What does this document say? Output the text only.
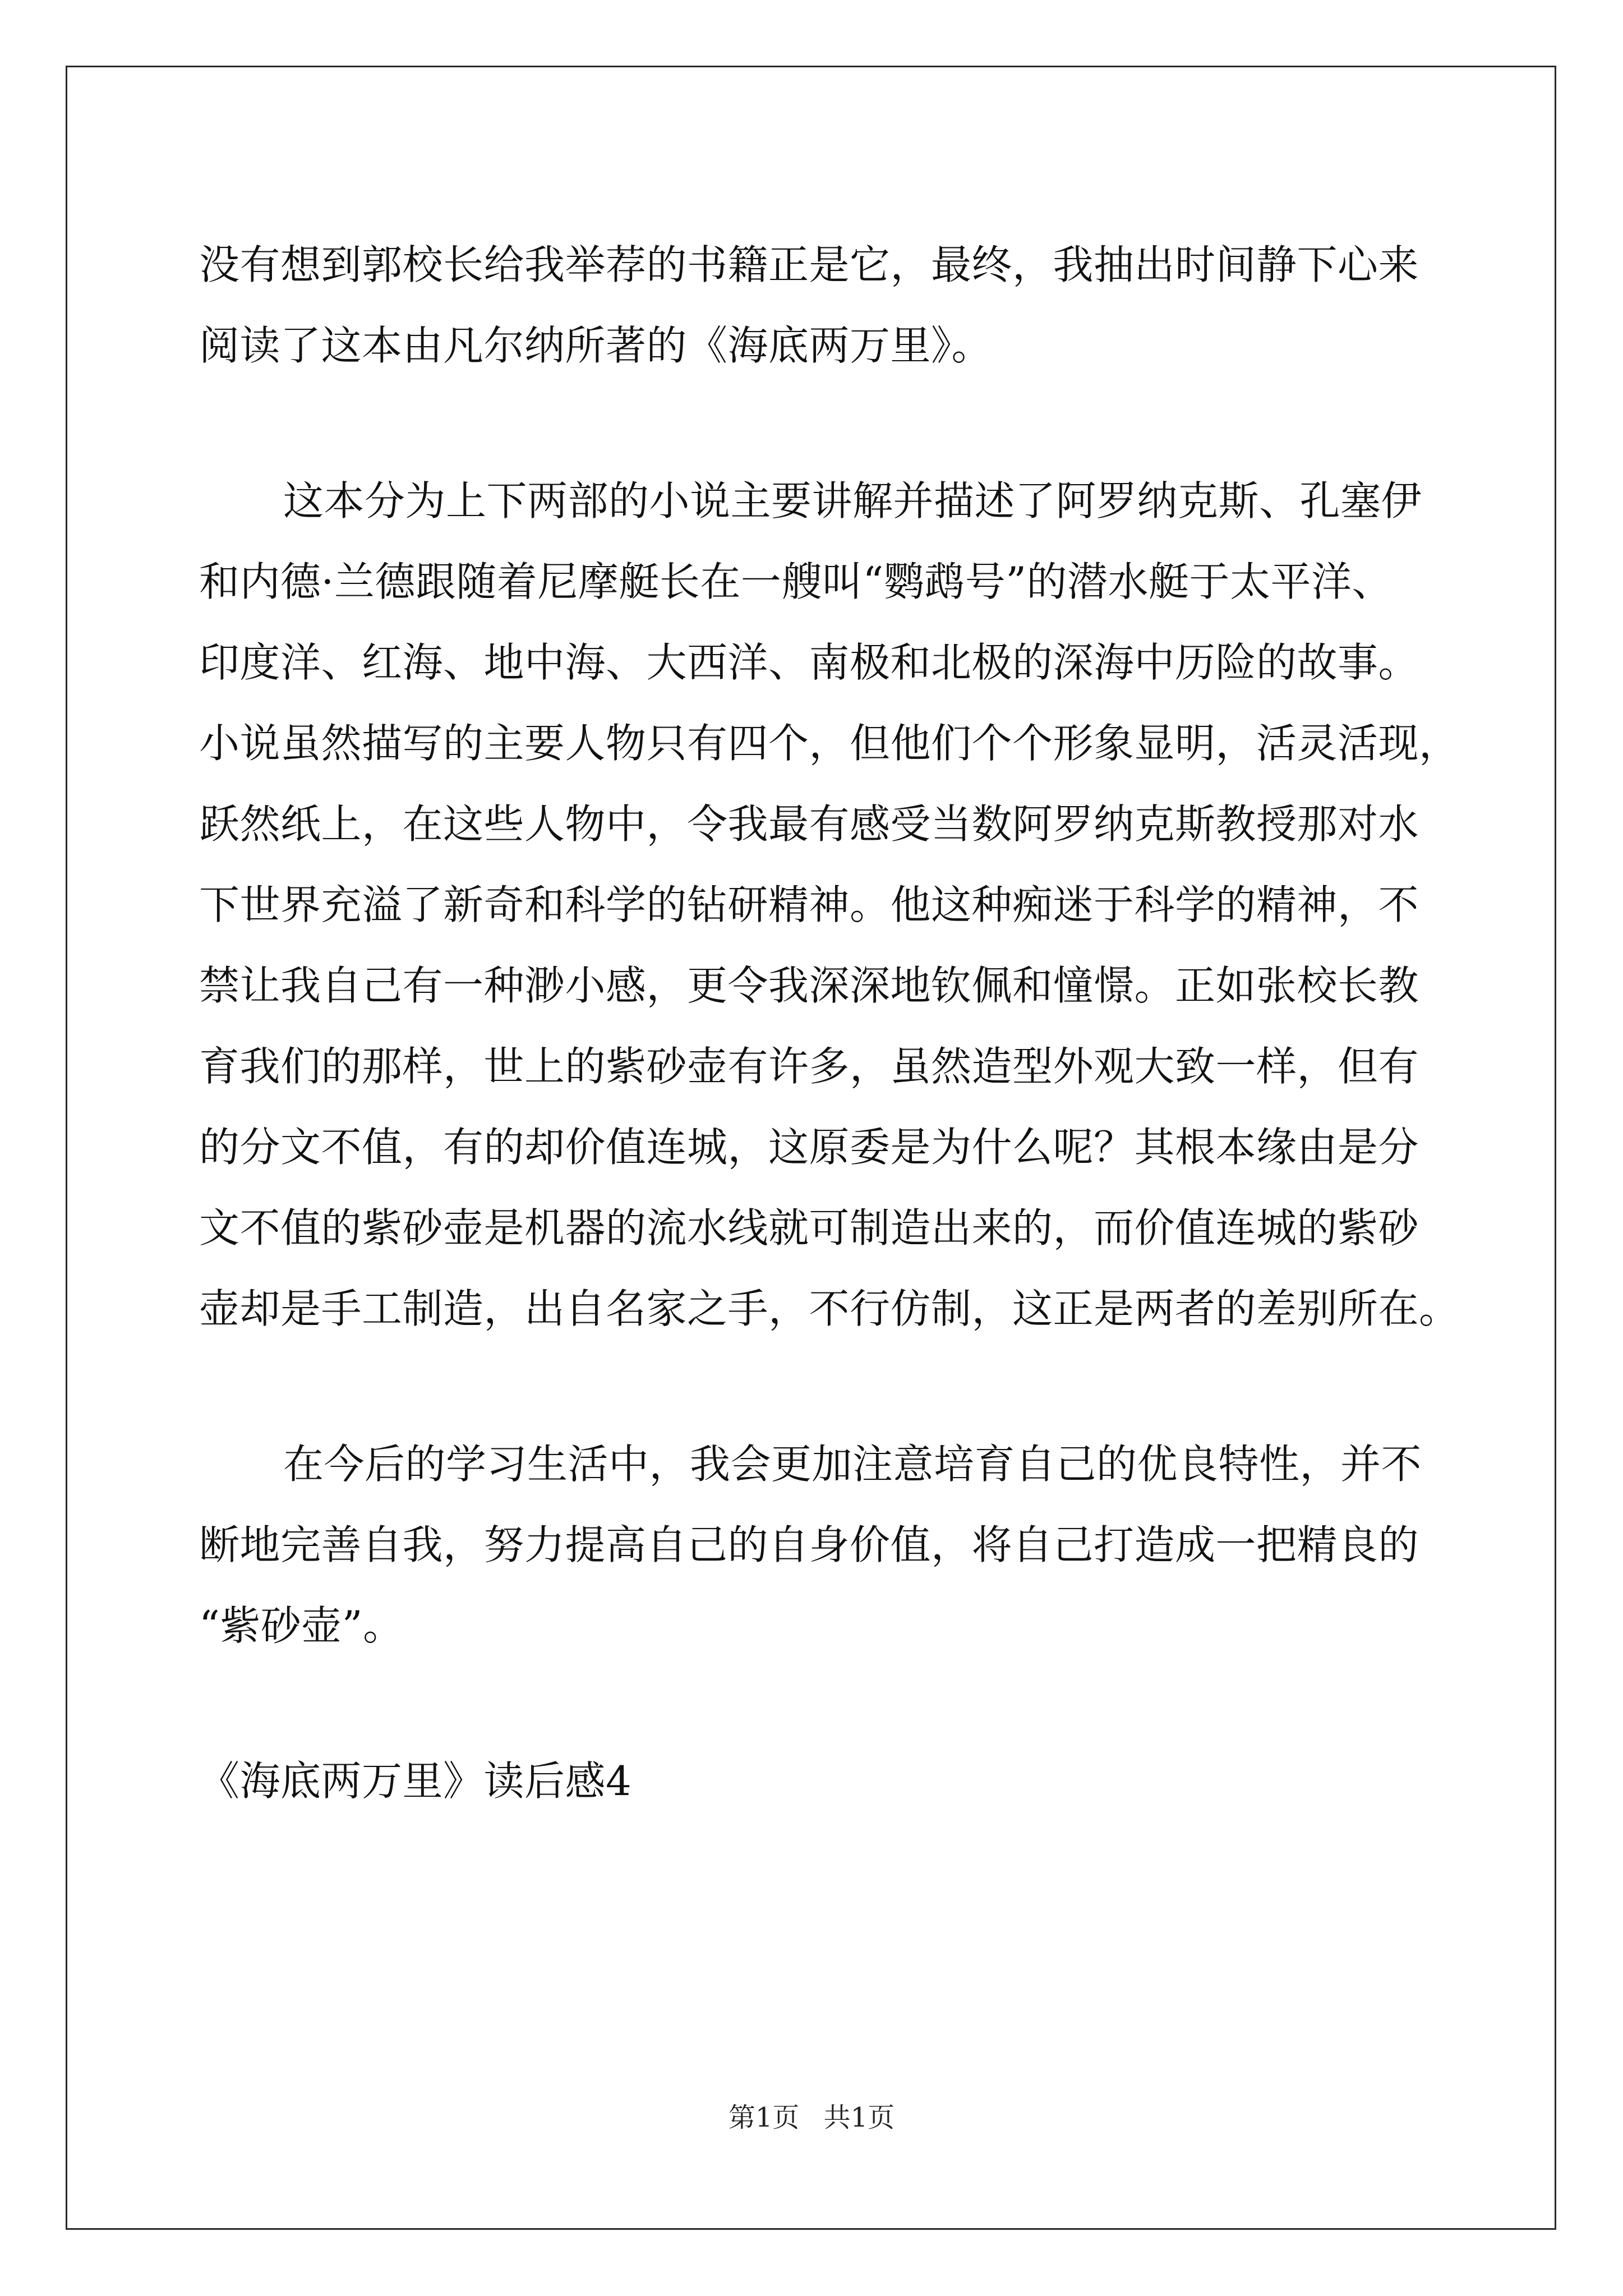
没有想到郭校长给我举荐的书籍正是它，最终，我抽出时间静下心来
阅读了这本由凡尔纳所著的《海底两万里》。
这本分为上下两部的小说主要讲解并描述了阿罗纳克斯、孔塞伊
和内德·兰德跟随着尼摩艇长在一艘叫“鹦鹉号”的潜水艇于太平洋、
印度洋、红海、地中海、大西洋、南极和北极的深海中历险的故事。
小说虽然描写的主要人物只有四个，但他们个个形象显明，活灵活现，
跃然纸上，在这些人物中，令我最有感受当数阿罗纳克斯教授那对水
下世界充溢了新奇和科学的钻研精神。他这种痴迷于科学的精神，不
禁让我自己有一种渺小感，更令我深深地钦佩和憧憬。正如张校长教
育我们的那样，世上的紫砂壶有许多，虽然造型外观大致一样，但有
的分文不值，有的却价值连城，这原委是为什么呢？其根本缘由是分
文不值的紫砂壶是机器的流水线就可制造出来的，而价值连城的紫砂
壶却是手工制造，出自名家之手，不行仿制，这正是两者的差别所在。
在今后的学习生活中，我会更加注意培育自己的优良特性，并不
断地完善自我，努力提高自己的自身价值，将自己打造成一把精良的
“紫砂壶”。
《海底两万里》读后感4
第1页 共1页
